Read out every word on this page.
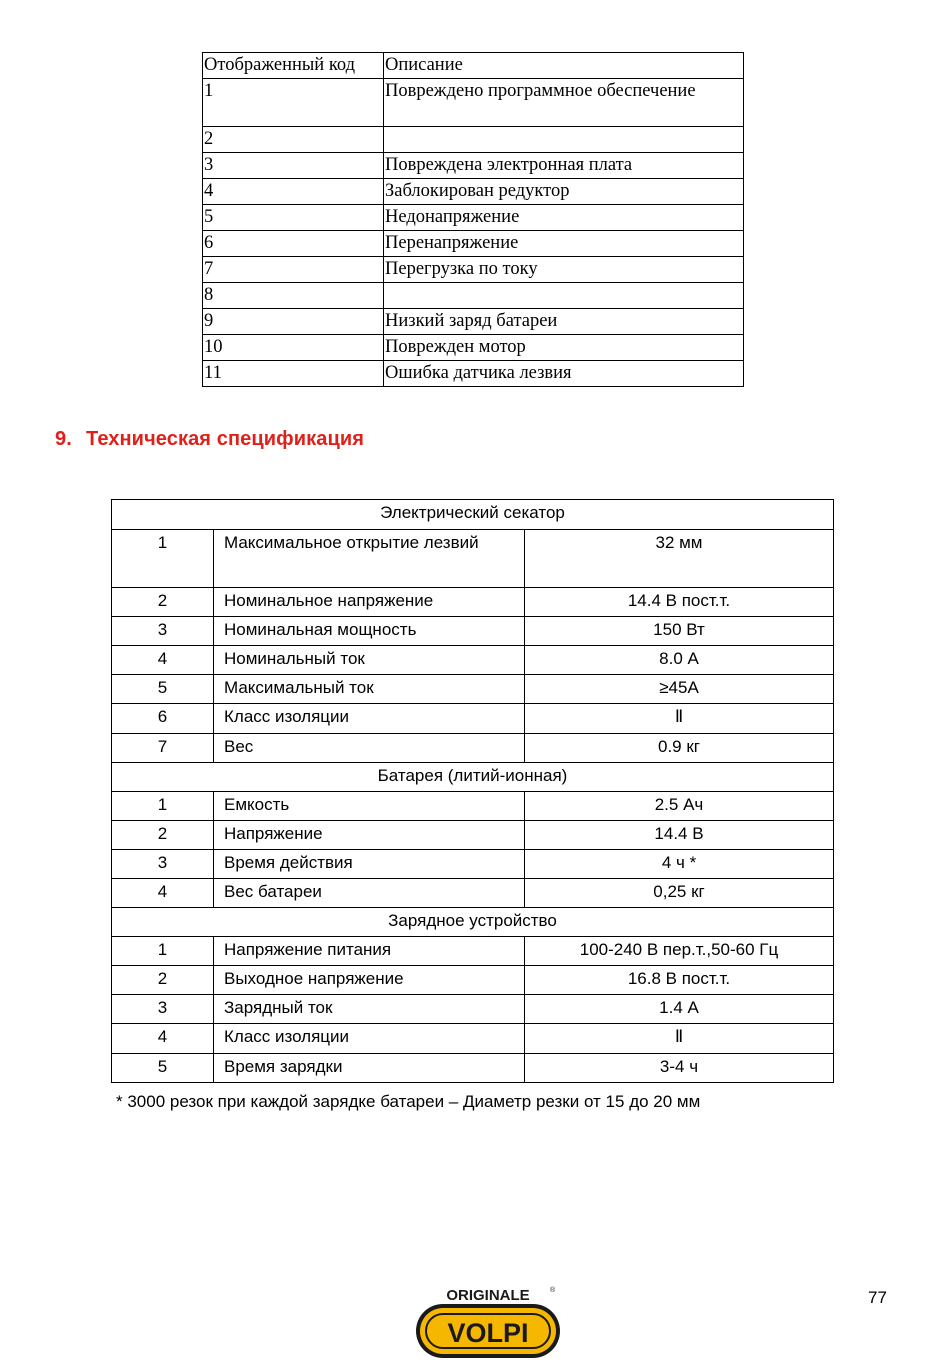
Отображенный код	Описание
1	Повреждено программное обеспечение
2	
3	Повреждена электронная плата
4	Заблокирован редуктор
5	Недонапряжение
6	Перенапряжение
7	Перегрузка по току
8	
9	Низкий заряд батареи
10	Поврежден мотор
11	Ошибка датчика лезвия
9. Техническая спецификация
Электрический секатор		
1	Максимальное открытие лезвий	32 мм
2	Номинальное напряжение	14.4 В пост.т.
3	Номинальная мощность	150 Вт
4	Номинальный ток	8.0 А
5	Максимальный ток	≥45А
6	Класс изоляции	Ⅱ
7	Вес	0.9 кг
Батарея (литий-ионная)		
1	Емкость	2.5 Ач
2	Напряжение	14.4 В
3	Время действия	4 ч *
4	Вес батареи	0,25 кг
Зарядное устройство		
1	Напряжение питания	100-240 В пер.т.,50-60 Гц
2	Выходное напряжение	16.8 В пост.т.
3	Зарядный ток	1.4 А
4	Класс изоляции	Ⅱ
5	Время зарядки	3-4 ч
* 3000 резок при каждой зарядке батареи – Диаметр резки от 15 до 20 мм
ORIGINALE	®
VOLPI
77
